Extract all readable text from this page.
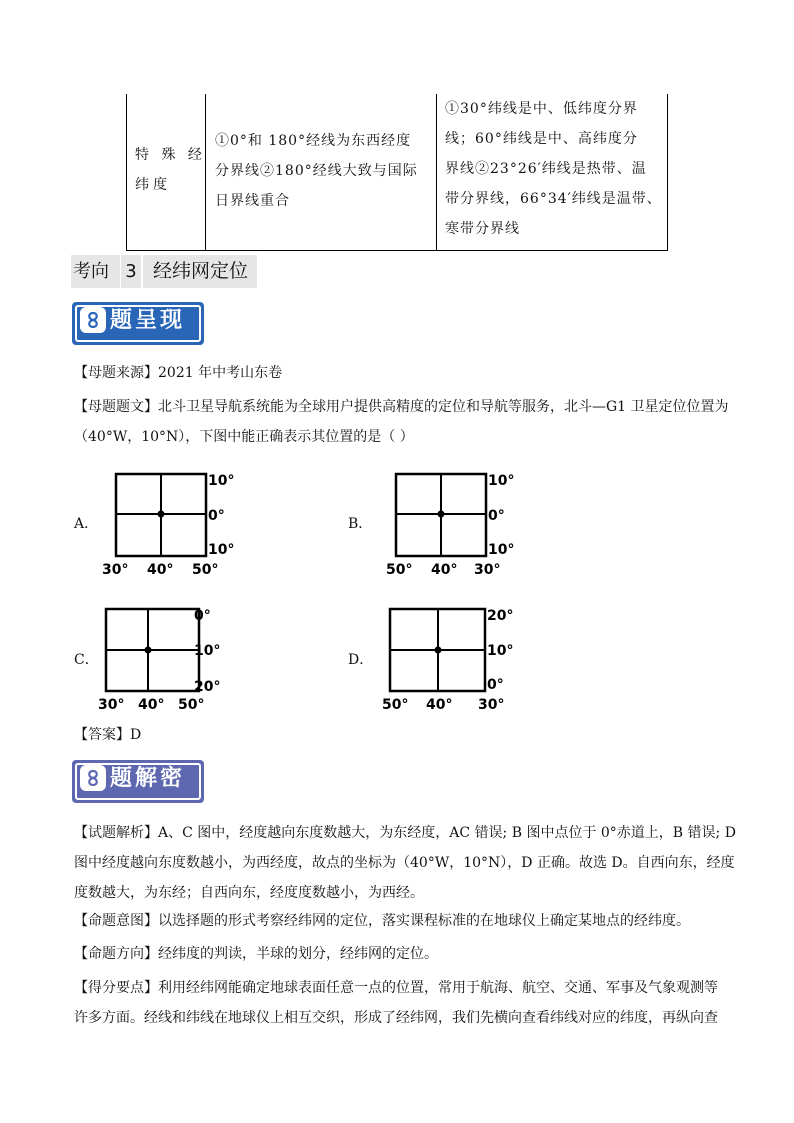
特 殊 经
纬度
①0°和 180°经线为东西经度
分界线②180°经线大致与国际
日界线重合
①30°纬线是中、低纬度分界
线；60°纬线是中、高纬度分
界线②23°26′纬线是热带、温
带分界线，66°34′纬线是温带、
寒带分界线
考向 3 经纬网定位
题呈现
【母题来源】2021 年中考山东卷
【母题题文】北斗卫星导航系统能为全球用户提供高精度的定位和导航等服务，北斗—G1 卫星定位位置为
（40°W，10°N），下图中能正确表示其位置的是（ ）
A．
10°
0°
10°
30° 40° 50°
B．
10°
0°
10°
50° 40° 30°
C．
0°
10°
20°
30° 40° 50°
D．
20°
10°
0°
50° 40° 30°
【答案】D
题解密
【试题解析】A、C 图中，经度越向东度数越大，为东经度，AC 错误; B 图中点位于 0°赤道上，B 错误; D
图中经度越向东度数越小，为西经度，故点的坐标为（40°W，10°N），D 正确。故选 D。自西向东，经度
度数越大，为东经；自西向东，经度度数越小，为西经。
【命题意图】以选择题的形式考察经纬网的定位，落实课程标准的在地球仪上确定某地点的经纬度。
【命题方向】经纬度的判读，半球的划分，经纬网的定位。
【得分要点】利用经纬网能确定地球表面任意一点的位置，常用于航海、航空、交通、军事及气象观测等
许多方面。经线和纬线在地球仪上相互交织，形成了经纬网，我们先横向查看纬线对应的纬度，再纵向查
